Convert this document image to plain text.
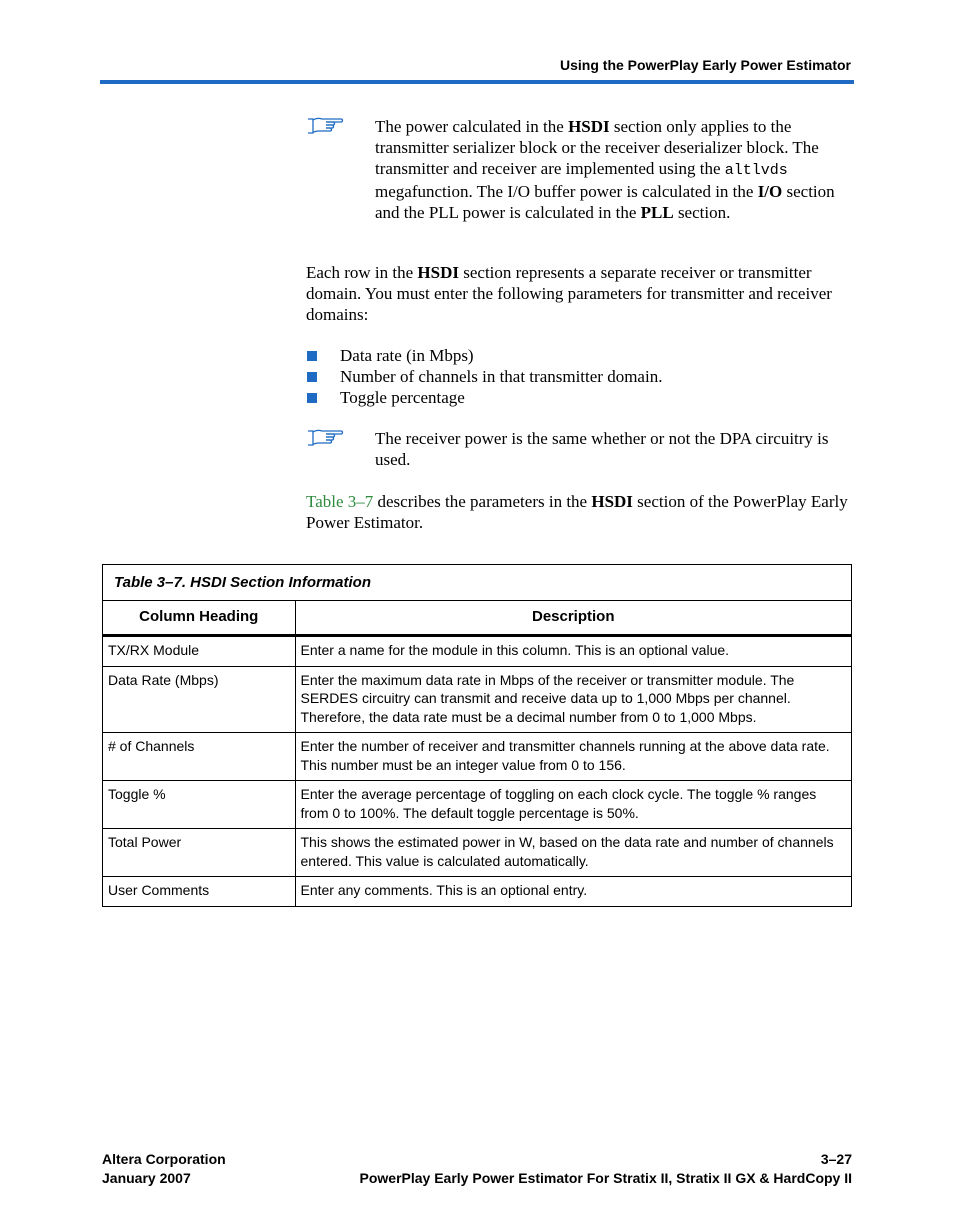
Using the PowerPlay Early Power Estimator
The power calculated in the HSDI section only applies to the transmitter serializer block or the receiver deserializer block. The transmitter and receiver are implemented using the altlvds megafunction. The I/O buffer power is calculated in the I/O section and the PLL power is calculated in the PLL section.
Each row in the HSDI section represents a separate receiver or transmitter domain. You must enter the following parameters for transmitter and receiver domains:
Data rate (in Mbps)
Number of channels in that transmitter domain.
Toggle percentage
The receiver power is the same whether or not the DPA circuitry is used.
Table 3–7 describes the parameters in the HSDI section of the PowerPlay Early Power Estimator.
Table 3–7. HSDI Section Information
Column Heading	Description
TX/RX Module	Enter a name for the module in this column. This is an optional value.
Data Rate (Mbps)	Enter the maximum data rate in Mbps of the receiver or transmitter module. The SERDES circuitry can transmit and receive data up to 1,000 Mbps per channel. Therefore, the data rate must be a decimal number from 0 to 1,000 Mbps.
# of Channels	Enter the number of receiver and transmitter channels running at the above data rate. This number must be an integer value from 0 to 156.
Toggle %	Enter the average percentage of toggling on each clock cycle. The toggle % ranges from 0 to 100%. The default toggle percentage is 50%.
Total Power	This shows the estimated power in W, based on the data rate and number of channels entered. This value is calculated automatically.
User Comments	Enter any comments. This is an optional entry.
Altera Corporation	3–27
January 2007	PowerPlay Early Power Estimator For Stratix II, Stratix II GX & HardCopy II
